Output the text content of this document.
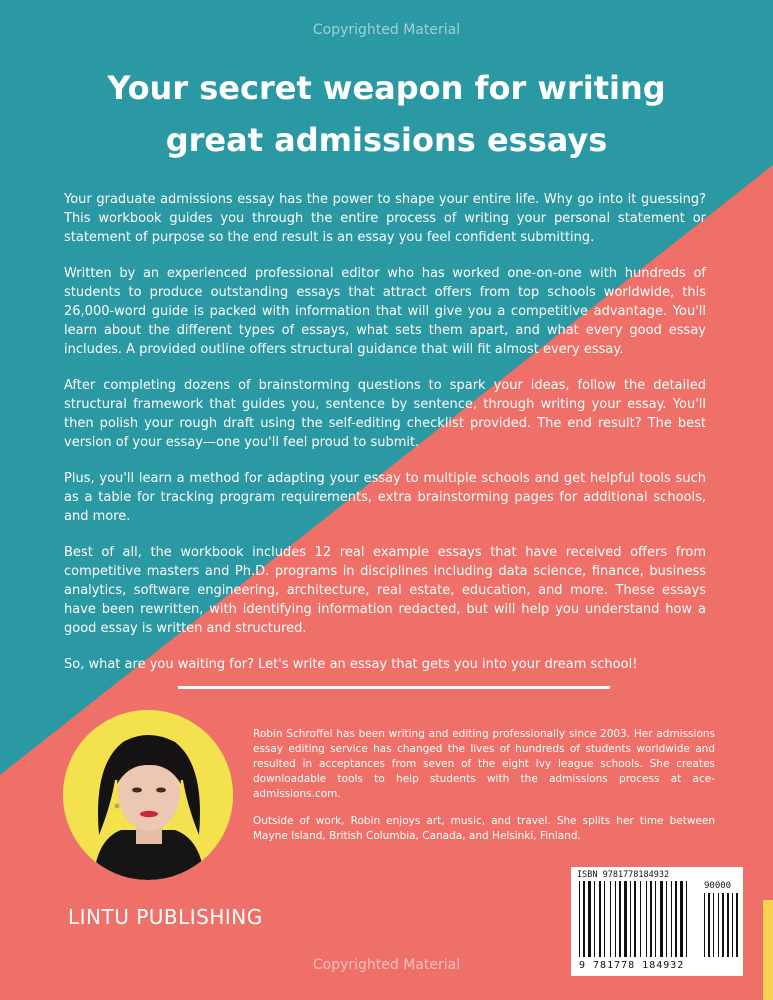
Copyrighted Material
Your secret weapon for writing
great admissions essays

Your graduate admissions essay has the power to shape your entire life. Why go into it guessing? This workbook guides you through the entire process of writing your personal statement or statement of purpose so the end result is an essay you feel confident submitting.

Written by an experienced professional editor who has worked one-on-one with hundreds of students to produce outstanding essays that attract offers from top schools worldwide, this 26,000-word guide is packed with information that will give you a competitive advantage. You'll learn about the different types of essays, what sets them apart, and what every good essay includes. A provided outline offers structural guidance that will fit almost every essay.

After completing dozens of brainstorming questions to spark your ideas, follow the detailed structural framework that guides you, sentence by sentence, through writing your essay. You'll then polish your rough draft using the self-editing checklist provided. The end result? The best version of your essay—one you'll feel proud to submit.

Plus, you'll learn a method for adapting your essay to multiple schools and get helpful tools such as a table for tracking program requirements, extra brainstorming pages for additional schools, and more.

Best of all, the workbook includes 12 real example essays that have received offers from competitive masters and Ph.D. programs in disciplines including data science, finance, business analytics, software engineering, architecture, real estate, education, and more. These essays have been rewritten, with identifying information redacted, but will help you understand how a good essay is written and structured.

So, what are you waiting for? Let's write an essay that gets you into your dream school!

Robin Schroffel has been writing and editing professionally since 2003. Her admissions essay editing service has changed the lives of hundreds of students worldwide and resulted in acceptances from seven of the eight Ivy league schools. She creates downloadable tools to help students with the admissions process at ace-admissions.com.

Outside of work, Robin enjoys art, music, and travel. She splits her time between Mayne Island, British Columbia, Canada, and Helsinki, Finland.

LINTU PUBLISHING
ISBN 9781778184932
90000
9 781778 184932
Copyrighted Material
